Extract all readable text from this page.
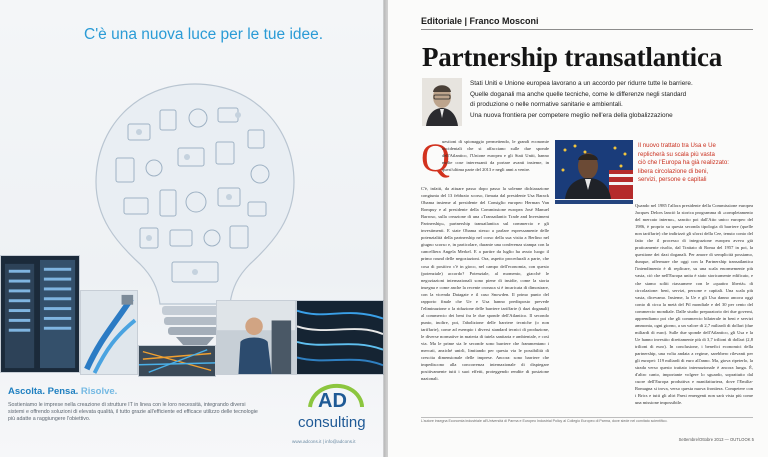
C'è una nuova luce per le tue idee.
Ascolta. Pensa. Risolve.
Sostieniamo le imprese nella creazione di strutture IT in linea con le loro necessità, integrando diversi sistemi e offrendo soluzioni di elevata qualità, il tutto grazie all'efficiente ed efficace utilizzo delle tecnologie più adatte a raggiungere l'obiettivo.
AD
consulting
www.adcons.it | info@adcons.it
Editoriale | Franco Mosconi
Partnership transatlantica
Stati Uniti e Unione europea lavorano a un accordo per ridurre tutte le barriere.
Quelle doganali ma anche quelle tecniche, come le differenze negli standard
di produzione o nelle normative sanitarie e ambientali.
Una nuova frontiera per competere meglio nell'era della globalizzazione
Q

uestioni di spionaggio permettendo, le grandi economie occidentali che si affacciano sulle due sponde dell'Atlantico, l'Unione europea e gli Stati Uniti, hanno molte cose interessanti da portare avanti insieme, in quest'ultima parte del 2013 e negli anni a venire.

C'è, infatti, da attuare passo dopo passo la solenne dichiarazione congiunta del 13 febbraio scorso, firmata dal presidente Usa Barack Obama insieme al presidente del Consiglio europeo Herman Van Rompuy e al presidente della Commissione europea José Manuel Barroso, sulla creazione di una «Transatlantic Trade and Investment Partnership», partnership transatlantica sul commercio e gli investimenti. E state Obama stesso a parlare espressamente delle potenzialità della partnership nel corso della sua visita a Berlino nel giugno scorso e, in particolare, durante una conferenza stampa con la cancelliera Angela Merkel. E a partire da luglio ha avuto luogo il primo round delle negoziazioni. Ora, aspetto procedurali a parte, che cosa di positivo c'è in gioco, nel campo dell'economia, con questo (potenziale) accordo? Potenziale, al momento, giacché le negoziazioni internazionali sono piene di insidie, come la storia insegna e come anche la recente cronaca si è incaricata di dimostrare, con la vicenda Datagate e il caso Snowden. Il primo punto del rapporto finale che Ue e Usa hanno predisposto prevede l'eliminazione o la riduzione delle barriere tariffarie (i dazi doganali) al commercio dei beni fra le due sponde dell'Atlantico. Il secondo punto, inoltre, poi, l'abolizione delle barriere tecniche (o non tariffarie), come ad esempio i diversi standard tecnici di produzione, le diverse normative in materia di tutela sanitaria e ambientale, e così via. Ma le prime sia le seconde sono barriere che frammentano i mercati, anziché unirli, limitando per questa via le possibilità di crescita dimensionale delle imprese. Ancora: sono barriere che impediscono alla concorrenza internazionale di dispiegare positivamente tutti i suoi effetti, proteggendo rendite di posizione nazionali.

Il nuovo trattato tra Usa e Ue
replicherà su scala più vasta
ciò che l'Europa ha già realizzato:
libera circolazione di beni,
servizi, persone e capitali

Quando nel 1985 l'allora presidente della Commissione europea Jacques Delors lanciò la storica programma di «completamento del mercato interno», sancito poi dall'Atto unico europeo del 1986, è proprio su questa seconda tipologia di barriere (quelle non tariffarie) che indirizzò gli sforzi della Cee, tenuto conto del fatto che il processo di integrazione europea aveva già praticamente risolto, dal Trattato di Roma del 1957 in poi, la questione dei dazi doganali. Per amore di semplicità possiamo, dunque, affermare che oggi con la Partnership transatlantica l'intendimento è di replicare, su una scala enormemente più vasta, ciò che nell'Europa unita è stato storicamente edificato, e che siamo soliti riassumere con le «quattro libertà» di circolazione: beni, servizi, persone e capitali. Una scala più vasta, dicevamo. Insieme, la Ue e gli Usa danno ancora oggi conto di circa la metà del Pil mondiale e del 30 per cento del commercio mondiale. Dalle studio preparatorio dei due governi, apprendiamo poi che gli commercio bilaterale in beni e servizi ammonta, ogni giorno, a un valore di 2,7 miliardi di dollari (due miliardi di euro). Sulle due sponde dell'Atlantico, gli Usa e la Ue hanno investito direttamente più di 3,7 trilioni di dollari (2,8 trilioni di euro). In conclusione, i benefici economici della partnership, una volta andata a regime, sarebbero rilevanti per gli europei: 119 miliardi di euro all'anno. Ma, giova ripeterlo, la strada verso questo trattato internazionale è ancora lunga. È, d'altro canto, importante volgere lo sguardo, soprattutto dal cuore dell'Europa produttiva e manifatturiera, dove l'Emilia-Romagna si trova, verso questa nuova frontiera. Competere con i Brics e tutti gli altri Paesi emergenti non sarà vista più come una missione impossibile.

L'autore insegna Economia industriale all'Università di Parma e Europeo Industrial Policy al Collegio Europeo di Parma, dove siede nel comitato scientifico.
Settembre/Ottobre 2013 — OUTLOOK 5
